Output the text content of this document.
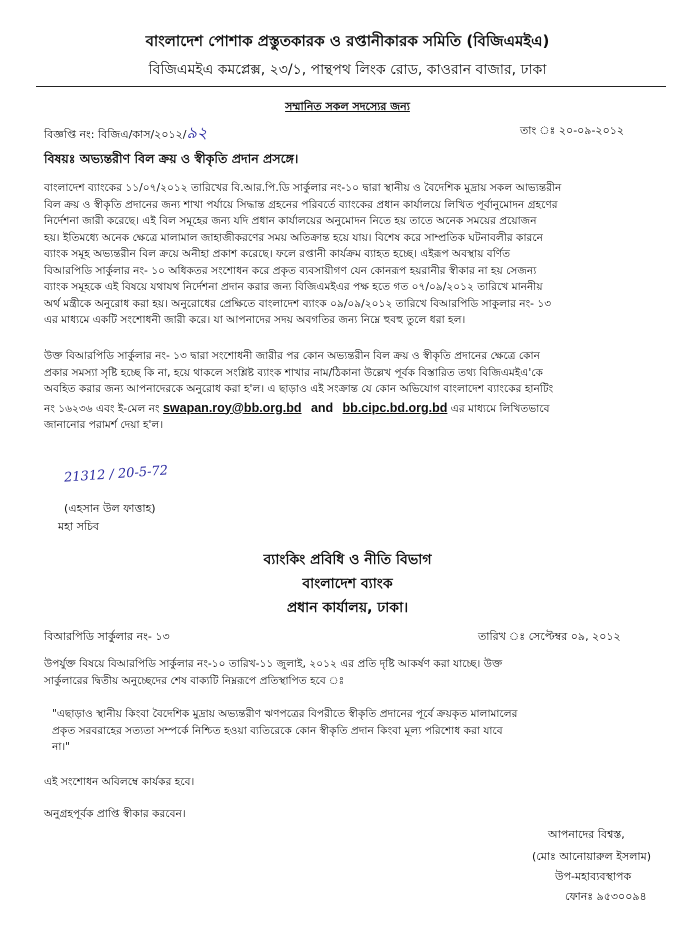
বাংলাদেশ পোশাক প্রস্তুতকারক ও রপ্তানীকারক সমিতি (বিজিএমইএ)
বিজিএমইএ কমপ্লেক্স, ২৩/১, পান্থপথ লিংক রোড, কাওরান বাজার, ঢাকা
সম্মানিত সকল সদস্যের জন্য
বিজ্ঞপ্তি নং: বিজিএ/কাস/২০১২/৯২	তাং ঃ ২০-০৯-২০১২
বিষয়ঃ অভ্যন্তরীণ বিল ক্রয় ও স্বীকৃতি প্রদান প্রসঙ্গে।
বাংলাদেশ ব্যাংকের ১১/০৭/২০১২ তারিখের বি.আর.পি.ডি সার্কুলার নং-১০ দ্বারা স্থানীয় ও বৈদেশিক মুদ্রায় সকল আভ্যন্তরীন
বিল ক্রয় ও স্বীকৃতি প্রদানের জন্য শাখা পর্যায়ে সিদ্ধান্ত গ্রহনের পরিবর্তে ব্যাংকের প্রধান কার্যালয়ে লিখিত পূর্বানুমোদন গ্রহণের
নির্দেশনা জারী করেছে। এই বিল সমূহের জন্য যদি প্রধান কার্যালয়ের অনুমোদন নিতে হয় তাতে অনেক সময়ের প্রয়োজন
হয়। ইতিমধ্যে অনেক ক্ষেত্রে মালামাল জাহাজীকরণের সময় অতিক্রান্ত হয়ে যায়। বিশেষ করে সাম্প্রতিক ঘটনাবলীর কারনে
ব্যাংক সমূহ অভ্যন্তরীন বিল ক্রয়ে অনীহা প্রকাশ করেছে। ফলে রপ্তানী কার্যক্রম ব্যাহত হচ্ছে। এইরূপ অবস্থায় বর্ণিত
বিআরপিডি সার্কুলার নং- ১০ অধিকতর সংশোধন করে প্রকৃত ব্যবসায়ীগণ যেন কোনরূপ হয়রানীর স্বীকার না হয় সেজন্য
ব্যাংক সমূহকে এই বিষয়ে যথাযথ নির্দেশনা প্রদান করার জন্য বিজিএমইএর পক্ষ হতে গত ০৭/০৯/২০১২ তারিখে মাননীয়
অর্থ মন্ত্রীকে অনুরোধ করা হয়। অনুরোধের প্রেক্ষিতে বাংলাদেশ ব্যাংক ০৯/০৯/২০১২ তারিখে বিআরপিডি সাকুলার নং- ১৩
এর মাধ্যমে একটি সংশোধনী জারী করে। যা আপনাদের সদয় অবগতির জন্য নিম্নে হুবহু তুলে ধরা হল।
উক্ত বিআরপিডি সার্কুলার নং- ১৩ দ্বারা সংশোধনী জারীর পর কোন অভ্যন্তরীন বিল ক্রয় ও স্বীকৃতি প্রদানের ক্ষেত্রে কোন
প্রকার সমস্যা সৃষ্টি হচ্ছে কি না, হয়ে থাকলে সংশ্লিষ্ট ব্যাংক শাখার নাম/ঠিকানা উল্লেখ পূর্বক বিস্তারিত তথ্য বিজিএমইএ'কে
অবহিত করার জন্য আপনাদেরকে অনুরোধ করা হ'ল। এ ছাড়াও এই সংক্রান্ত যে কোন অভিযোগ বাংলাদেশ ব্যাংকের হানটিং
নং ১৬২৩৬ এবং ই-মেল নং swapan.roy@bb.org.bd and bb.cipc.bd.org.bd এর মাধ্যমে লিখিতভাবে
জানানোর পরামর্শ দেয়া হ'ল।
21312 / 20-5-72
(এহসান উল ফাত্তাহ)
মহা সচিব
ব্যাংকিং প্রবিধি ও নীতি বিভাগ
বাংলাদেশ ব্যাংক
প্রধান কার্যালয়, ঢাকা।
বিআরপিডি সার্কুলার নং- ১৩	তারিখ ঃ সেপ্টেম্বর ০৯, ২০১২
উপর্যুক্ত বিষয়ে বিআরপিডি সার্কুলার নং-১০ তারিখ-১১ জুলাই, ২০১২ এর প্রতি দৃষ্টি আকর্ষণ করা যাচ্ছে। উক্ত
সার্কুলারের দ্বিতীয় অনুচ্ছেদের শেষ বাক্যটি নিম্নরূপে প্রতিস্থাপিত হবে ঃ
"এছাড়াও স্থানীয় কিংবা বৈদেশিক মুদ্রায় অভ্যন্তরীণ ঋণপত্রের বিপরীতে স্বীকৃতি প্রদানের পূর্বে ক্রয়কৃত মালামালের
প্রকৃত সরবরাহের সত্যতা সম্পর্কে নিশ্চিত হওয়া ব্যতিরেকে কোন স্বীকৃতি প্রদান কিংবা মূল্য পরিশোধ করা যাবে
না।"
এই সংশোধন অবিলম্বে কার্যকর হবে।
অনুগ্রহপূর্বক প্রাপ্তি স্বীকার করবেন।
আপনাদের বিশ্বস্ত,
(মোঃ আনোয়ারুল ইসলাম)
উপ-মহাব্যবস্থাপক
ফোনঃ ৯৫৩০০৯৪
